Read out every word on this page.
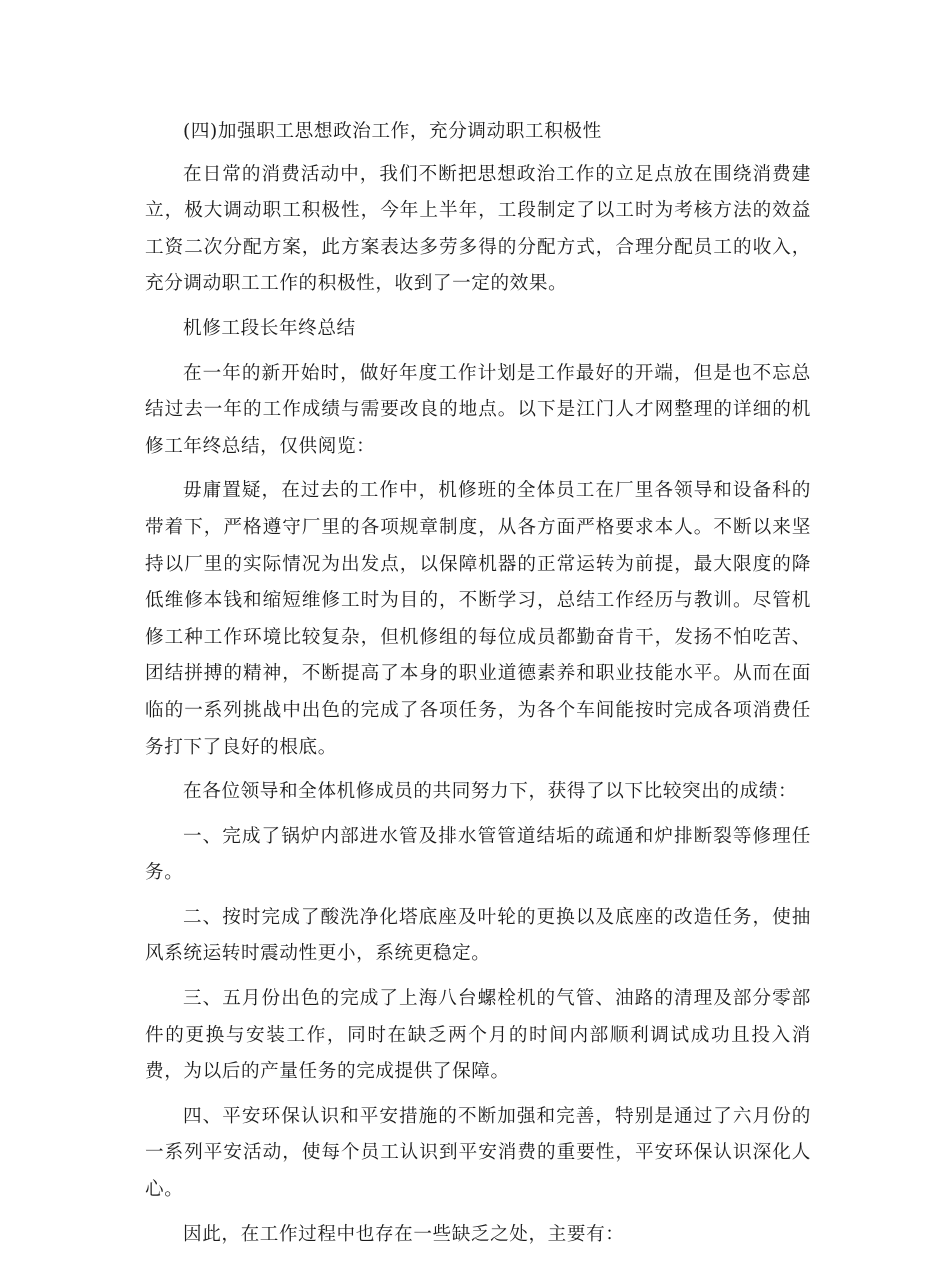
(四)加强职工思想政治工作，充分调动职工积极性

在日常的消费活动中，我们不断把思想政治工作的立足点放在围绕消费建立，极大调动职工积极性，今年上半年，工段制定了以工时为考核方法的效益工资二次分配方案，此方案表达多劳多得的分配方式，合理分配员工的收入，充分调动职工工作的积极性，收到了一定的效果。

机修工段长年终总结

在一年的新开始时，做好年度工作计划是工作最好的开端，但是也不忘总结过去一年的工作成绩与需要改良的地点。以下是江门人才网整理的详细的机修工年终总结，仅供阅览：

毋庸置疑，在过去的工作中，机修班的全体员工在厂里各领导和设备科的带着下，严格遵守厂里的各项规章制度，从各方面严格要求本人。不断以来坚持以厂里的实际情况为出发点，以保障机器的正常运转为前提，最大限度的降低维修本钱和缩短维修工时为目的，不断学习，总结工作经历与教训。尽管机修工种工作环境比较复杂，但机修组的每位成员都勤奋肯干，发扬不怕吃苦、团结拼搏的精神，不断提高了本身的职业道德素养和职业技能水平。从而在面临的一系列挑战中出色的完成了各项任务，为各个车间能按时完成各项消费任务打下了良好的根底。

在各位领导和全体机修成员的共同努力下，获得了以下比较突出的成绩：

一、完成了锅炉内部进水管及排水管管道结垢的疏通和炉排断裂等修理任务。

二、按时完成了酸洗净化塔底座及叶轮的更换以及底座的改造任务，使抽风系统运转时震动性更小，系统更稳定。

三、五月份出色的完成了上海八台螺栓机的气管、油路的清理及部分零部件的更换与安装工作，同时在缺乏两个月的时间内部顺利调试成功且投入消费，为以后的产量任务的完成提供了保障。

四、平安环保认识和平安措施的不断加强和完善，特别是通过了六月份的一系列平安活动，使每个员工认识到平安消费的重要性，平安环保认识深化人心。

因此，在工作过程中也存在一些缺乏之处，主要有：
